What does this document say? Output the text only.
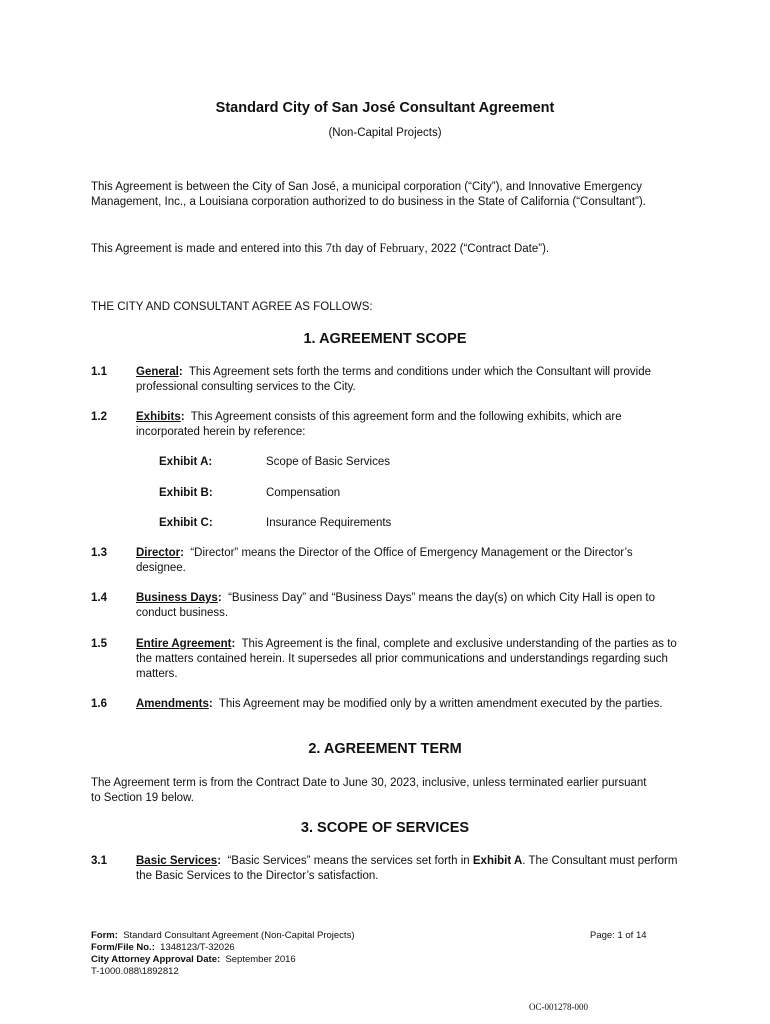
Standard City of San José Consultant Agreement
(Non-Capital Projects)
This Agreement is between the City of San José, a municipal corporation (“City”), and Innovative Emergency Management, Inc., a Louisiana corporation authorized to do business in the State of California (“Consultant”).
This Agreement is made and entered into this 7th day of February, 2022 (“Contract Date”).
THE CITY AND CONSULTANT AGREE AS FOLLOWS:
1. AGREEMENT SCOPE
1.1	General: This Agreement sets forth the terms and conditions under which the Consultant will provide professional consulting services to the City.
1.2	Exhibits: This Agreement consists of this agreement form and the following exhibits, which are incorporated herein by reference:
Exhibit A:	Scope of Basic Services
Exhibit B:	Compensation
Exhibit C:	Insurance Requirements
1.3	Director: “Director” means the Director of the Office of Emergency Management or the Director’s designee.
1.4	Business Days: “Business Day” and “Business Days” means the day(s) on which City Hall is open to conduct business.
1.5	Entire Agreement: This Agreement is the final, complete and exclusive understanding of the parties as to the matters contained herein. It supersedes all prior communications and understandings regarding such matters.
1.6	Amendments: This Agreement may be modified only by a written amendment executed by the parties.
2. AGREEMENT TERM
The Agreement term is from the Contract Date to June 30, 2023, inclusive, unless terminated earlier pursuant to Section 19 below.
3. SCOPE OF SERVICES
3.1	Basic Services: “Basic Services” means the services set forth in Exhibit A. The Consultant must perform the Basic Services to the Director’s satisfaction.
Form: Standard Consultant Agreement (Non-Capital Projects)
Form/File No.: 1348123/T-32026
City Attorney Approval Date: September 2016
T-1000.088\1892812
Page: 1 of 14
OC-001278-000
